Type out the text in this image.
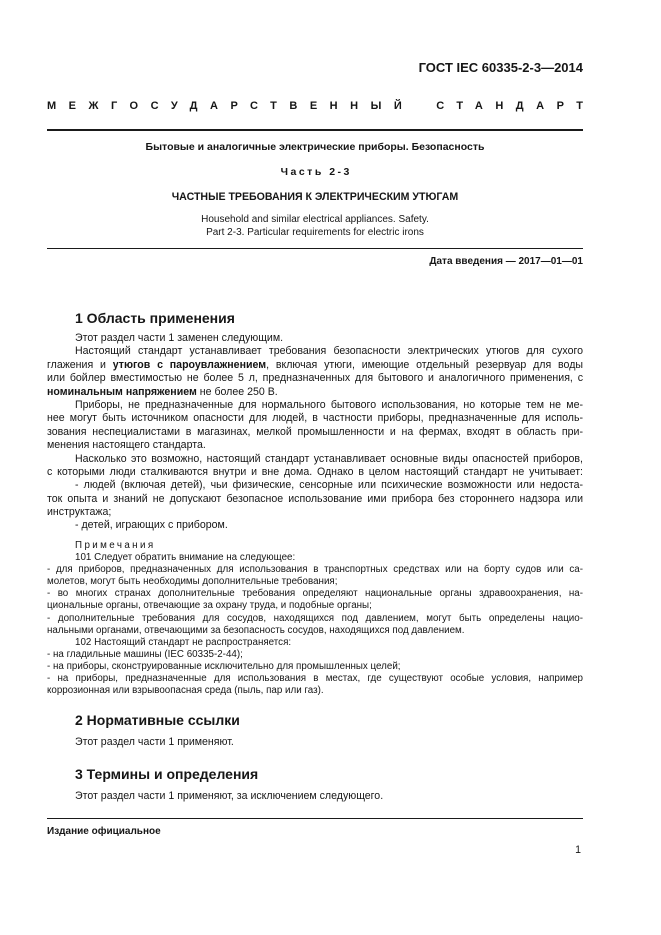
ГОСТ IEC 60335-2-3—2014
МЕЖГОСУДАРСТВЕННЫЙ СТАНДАРТ
Бытовые и аналогичные электрические приборы. Безопасность
Часть 2-3
ЧАСТНЫЕ ТРЕБОВАНИЯ К ЭЛЕКТРИЧЕСКИМ УТЮГАМ
Household and similar electrical appliances. Safety.
Part 2-3. Particular requirements for electric irons
Дата введения — 2017—01—01
1 Область применения
Этот раздел части 1 заменен следующим.
Настоящий стандарт устанавливает требования безопасности электрических утюгов для сухого
глажения и утюгов с пароувлажнением, включая утюги, имеющие отдельный резервуар для воды
или бойлер вместимостью не более 5 л, предназначенных для бытового и аналогичного применения, с
номинальным напряжением не более 250 В.
Приборы, не предназначенные для нормального бытового использования, но которые тем не ме-
нее могут быть источником опасности для людей, в частности приборы, предназначенные для исполь-
зования неспециалистами в магазинах, мелкой промышленности и на фермах, входят в область при-
менения настоящего стандарта.
Насколько это возможно, настоящий стандарт устанавливает основные виды опасностей приборов,
с которыми люди сталкиваются внутри и вне дома. Однако в целом настоящий стандарт не учитывает:
- людей (включая детей), чьи физические, сенсорные или психические возможности или недоста-
ток опыта и знаний не допускают безопасное использование ими прибора без стороннего надзора или
инструктажа;
- детей, играющих с прибором.
Примечания
101 Следует обратить внимание на следующее:
- для приборов, предназначенных для использования в транспортных средствах или на борту судов или са-
молетов, могут быть необходимы дополнительные требования;
- во многих странах дополнительные требования определяют национальные органы здравоохранения, на-
циональные органы, отвечающие за охрану труда, и подобные органы;
- дополнительные требования для сосудов, находящихся под давлением, могут быть определены нацио-
нальными органами, отвечающими за безопасность сосудов, находящихся под давлением.
102 Настоящий стандарт не распространяется:
- на гладильные машины (IEC 60335-2-44);
- на приборы, сконструированные исключительно для промышленных целей;
- на приборы, предназначенные для использования в местах, где существуют особые условия, например
коррозионная или взрывоопасная среда (пыль, пар или газ).
2 Нормативные ссылки
Этот раздел части 1 применяют.
3 Термины и определения
Этот раздел части 1 применяют, за исключением следующего.
Издание официальное
1
